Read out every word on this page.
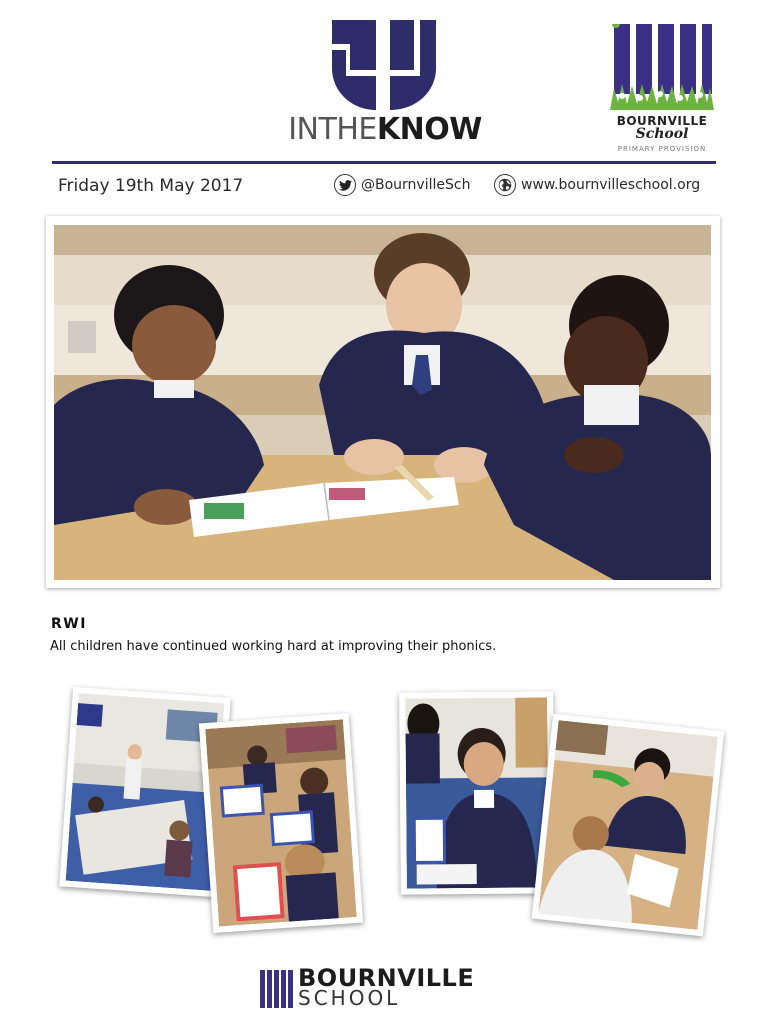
INTHEKNOW	BOURNVILLE
School
PRIMARY PROVISION
Friday 19th May 2017	@BournvilleSch	www.bournvilleschool.org
RWI
All children have continued working hard at improving their phonics.
BOURNVILLE
SCHOOL
